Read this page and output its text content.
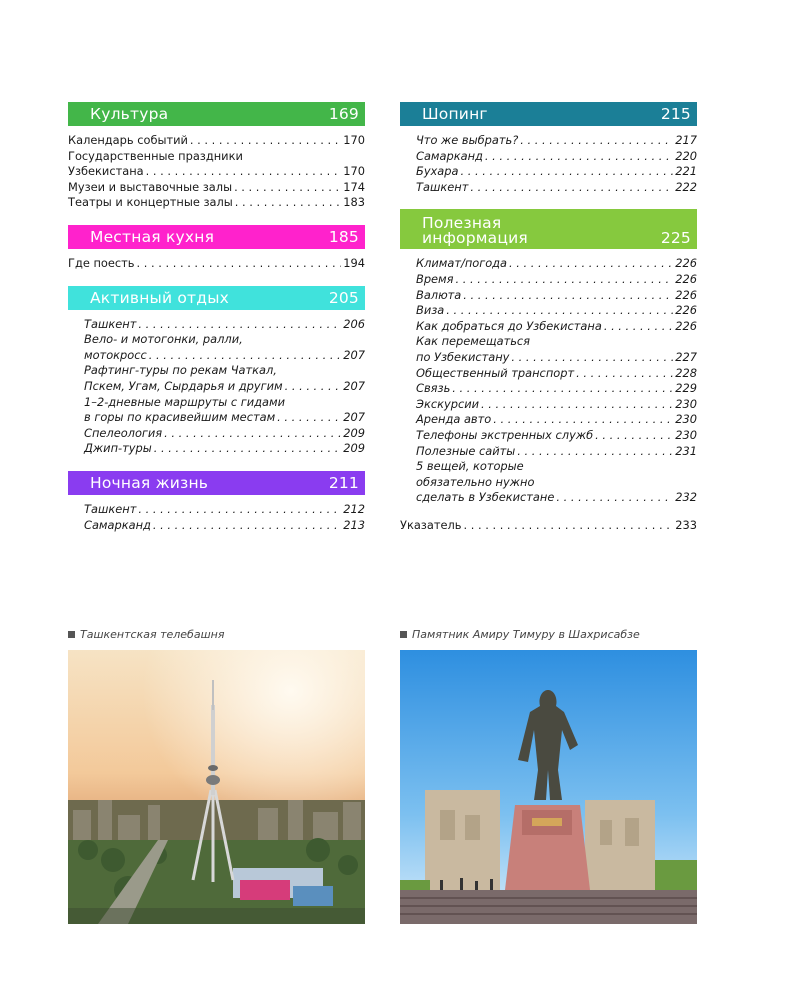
Культура	169
Календарь событий . . .	170
Государственные праздники
Узбекистана . . .	170
Музеи и выставочные залы . . .	174
Театры и концертные залы . . .	183
Местная кухня	185
Где поесть . . .	194
Активный отдых	205
Ташкент . . .	206
Вело- и мотогонки, ралли,
мотокросс . . .	207
Рафтинг-туры по рекам Чаткал,
Пскем, Угам, Сырдарья и другим . . .	207
1–2-дневные маршруты с гидами
в горы по красивейшим местам . . .	207
Спелеология . . .	209
Джип-туры . . .	209
Ночная жизнь	211
Ташкент . . .	212
Самарканд . . .	213
Шопинг	215
Что же выбрать? . . .	217
Самарканд . . .	220
Бухара . . .	221
Ташкент . . .	222
Полезная
информация	225
Климат/погода . . .	226
Время . . .	226
Валюта . . .	226
Виза . . .	226
Как добраться до Узбекистана . . .	226
Как перемещаться
по Узбекистану . . .	227
Общественный транспорт . . .	228
Связь . . .	229
Экскурсии . . .	230
Аренда авто . . .	230
Телефоны экстренных служб . . .	230
Полезные сайты . . .	231
5 вещей, которые
обязательно нужно
сделать в Узбекистане . . .	232
Указатель . . .	233
Ташкентская телебашня	Памятник Амиру Тимуру в Шахрисабзе
